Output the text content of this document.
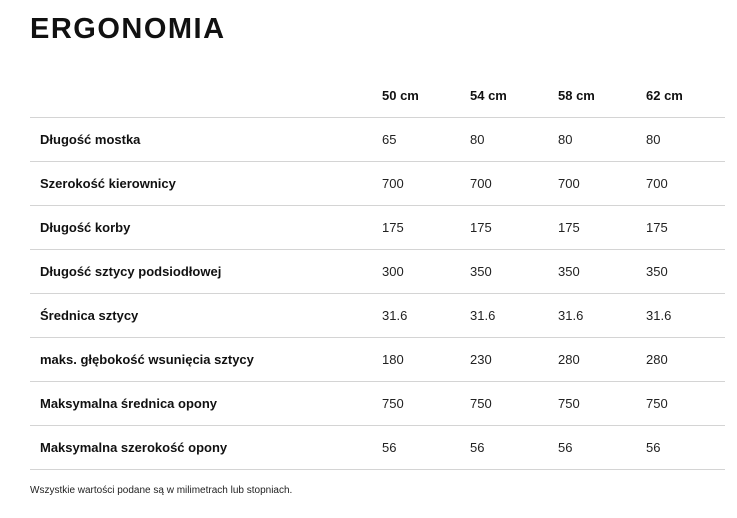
ERGONOMIA
	50 cm	54 cm	58 cm	62 cm
Długość mostka	65	80	80	80
Szerokość kierownicy	700	700	700	700
Długość korby	175	175	175	175
Długość sztycy podsiodłowej	300	350	350	350
Średnica sztycy	31.6	31.6	31.6	31.6
maks. głębokość wsunięcia sztycy	180	230	280	280
Maksymalna średnica opony	750	750	750	750
Maksymalna szerokość opony	56	56	56	56

Wszystkie wartości podane są w milimetrach lub stopniach.
